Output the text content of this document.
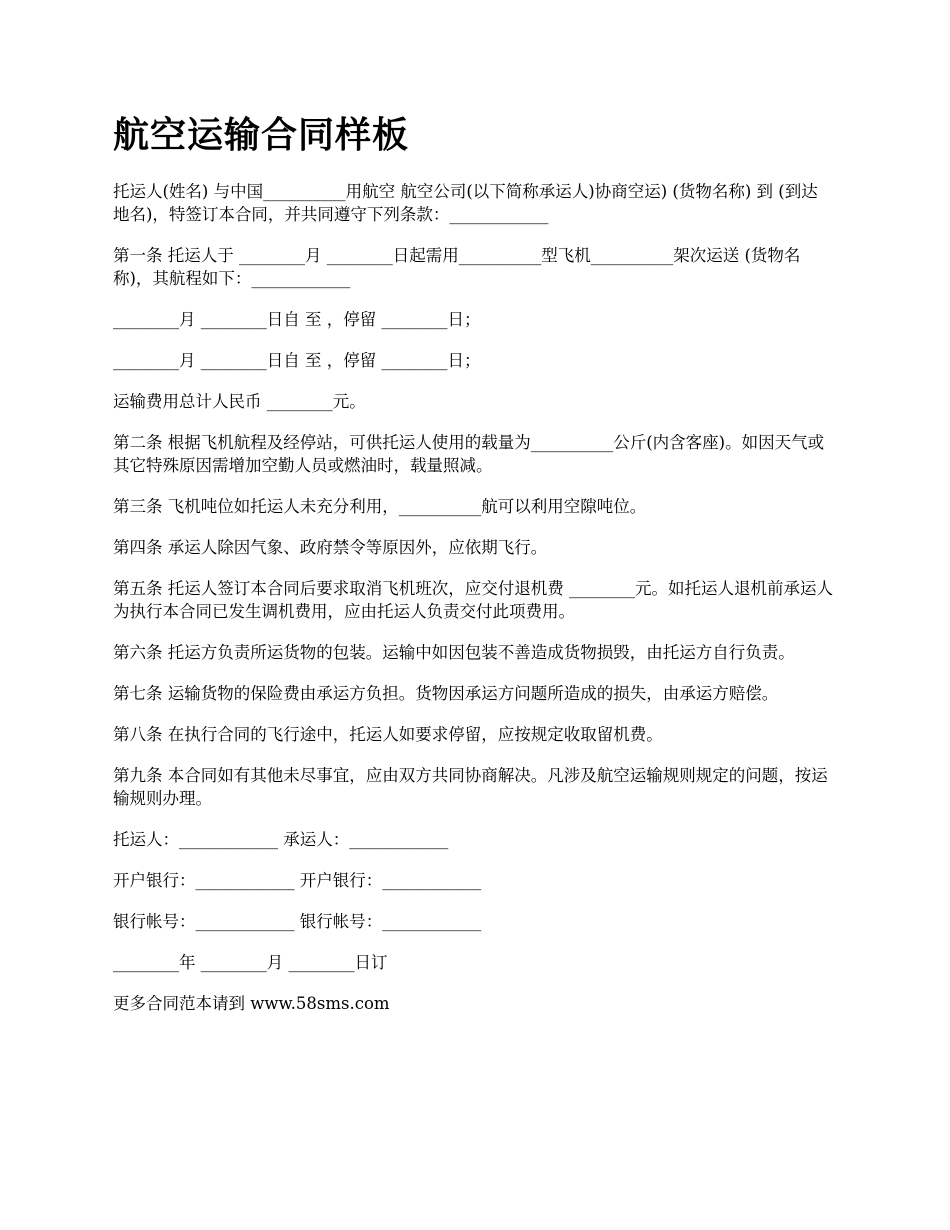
航空运输合同样板

托运人(姓名) 与中国__________用航空 航空公司(以下简称承运人)协商空运) (货物名称) 到 (到达地名)，特签订本合同，并共同遵守下列条款：____________

第一条 托运人于 ________月 ________日起需用__________型飞机__________架次运送 (货物名称)，其航程如下：____________

________月 ________日自 至 ，停留 ________日；

________月 ________日自 至 ，停留 ________日；

运输费用总计人民币 ________元。

第二条 根据飞机航程及经停站，可供托运人使用的载量为__________公斤(内含客座)。如因天气或其它特殊原因需增加空勤人员或燃油时，载量照减。

第三条 飞机吨位如托运人未充分利用，__________航可以利用空隙吨位。

第四条 承运人除因气象、政府禁令等原因外，应依期飞行。

第五条 托运人签订本合同后要求取消飞机班次，应交付退机费 ________元。如托运人退机前承运人为执行本合同已发生调机费用，应由托运人负责交付此项费用。

第六条 托运方负责所运货物的包装。运输中如因包装不善造成货物损毁，由托运方自行负责。

第七条 运输货物的保险费由承运方负担。货物因承运方问题所造成的损失，由承运方赔偿。

第八条 在执行合同的飞行途中，托运人如要求停留，应按规定收取留机费。

第九条 本合同如有其他未尽事宜，应由双方共同协商解决。凡涉及航空运输规则规定的问题，按运输规则办理。

托运人：____________ 承运人：____________

开户银行：____________ 开户银行：____________

银行帐号：____________ 银行帐号：____________

________年 ________月 ________日订

更多合同范本请到 www.58sms.com
